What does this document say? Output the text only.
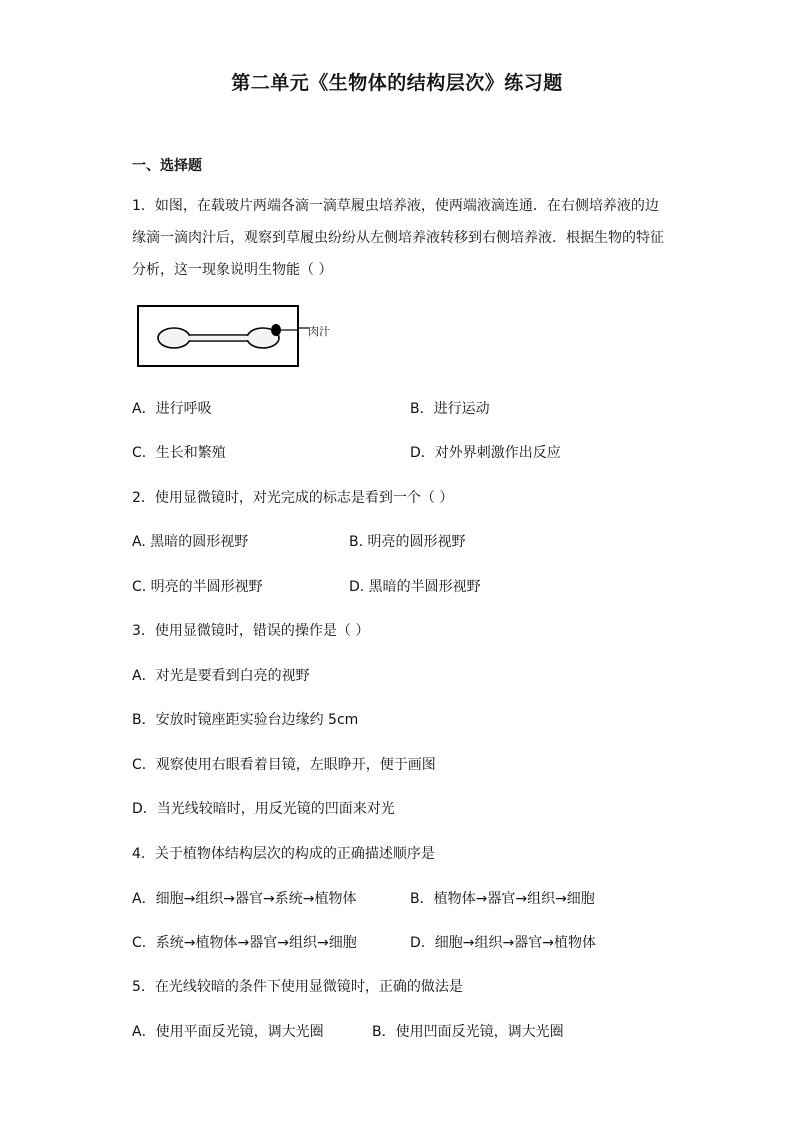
第二单元《生物体的结构层次》练习题
一、选择题
1．如图，在载玻片两端各滴一滴草履虫培养液，使两端液滴连通．在右侧培养液的边
缘滴一滴肉汁后，观察到草履虫纷纷从左侧培养液转移到右侧培养液．根据生物的特征
分析，这一现象说明生物能（ ）
肉汁
A．进行呼吸	B．进行运动
C．生长和繁殖	D．对外界刺激作出反应
2．使用显微镜时，对光完成的标志是看到一个（ ）
A. 黑暗的圆形视野	B. 明亮的圆形视野
C. 明亮的半圆形视野	D. 黑暗的半圆形视野
3．使用显微镜时，错误的操作是（ ）
A．对光是要看到白亮的视野
B．安放时镜座距实验台边缘约 5cm
C．观察使用右眼看着目镜，左眼睁开，便于画图
D．当光线较暗时，用反光镜的凹面来对光
4．关于植物体结构层次的构成的正确描述顺序是
A．细胞→组织→器官→系统→植物体	B．植物体→器官→组织→细胞
C．系统→植物体→器官→组织→细胞	D．细胞→组织→器官→植物体
5．在光线较暗的条件下使用显微镜时，正确的做法是
A．使用平面反光镜，调大光圈	B．使用凹面反光镜，调大光圈
